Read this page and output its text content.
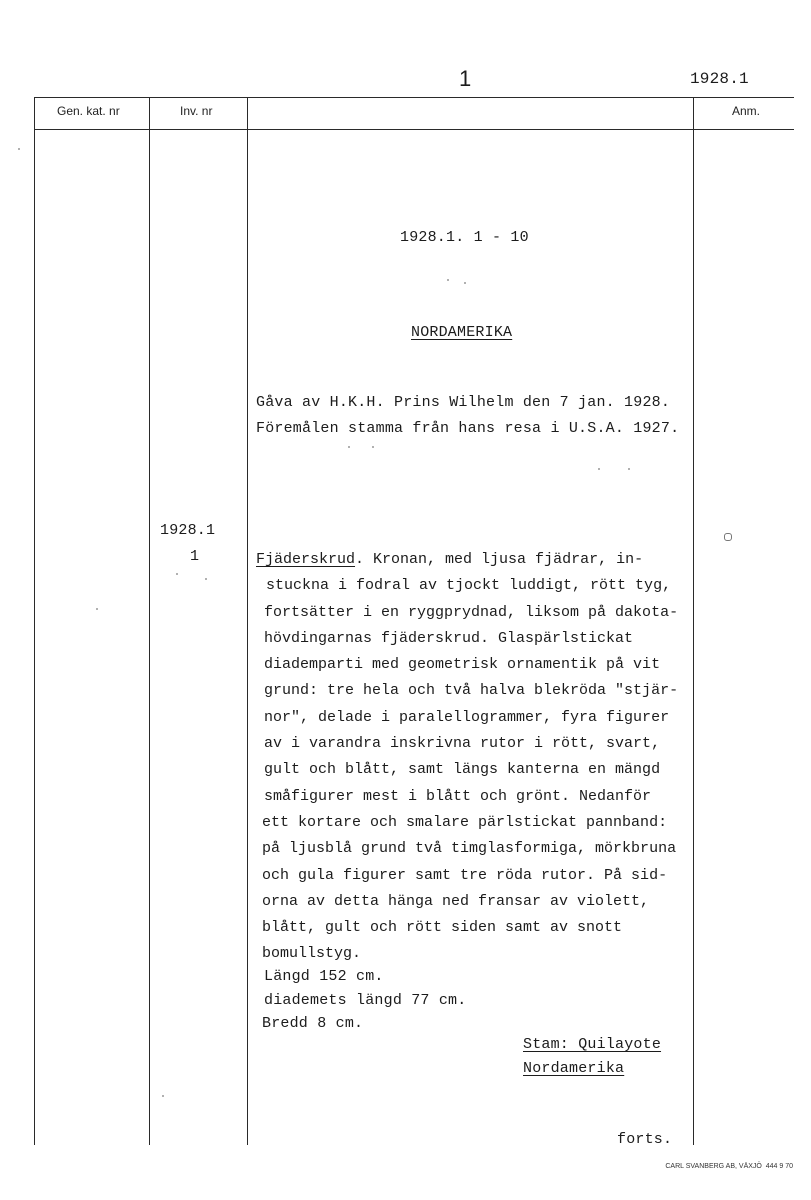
1	1928.1
Gen. kat. nr	Inv. nr	Anm.
1928.1. 1 - 10
NORDAMERIKA
Gåva av H.K.H. Prins Wilhelm den 7 jan. 1928.
Föremålen stamma från hans resa i U.S.A. 1927.
1928.1
1	Fjäderskrud. Kronan, med ljusa fjädrar, in-
stuckna i fodral av tjockt luddigt, rött tyg,
fortsätter i en ryggprydnad, liksom på dakota-
hövdingarnas fjäderskrud. Glaspärlstickat
diademparti med geometrisk ornamentik på vit
grund: tre hela och två halva blekröda "stjär-
nor", delade i paralellogrammer, fyra figurer
av i varandra inskrivna rutor i rött, svart,
gult och blått, samt längs kanterna en mängd
småfigurer mest i blått och grönt. Nedanför
ett kortare och smalare pärlstickat pannband:
på ljusblå grund två timglasformiga, mörkbruna
och gula figurer samt tre röda rutor. På sid-
orna av detta hänga ned fransar av violett,
blått, gult och rött siden samt av snott
bomullstyg.
Längd 152 cm.
diademets längd 77 cm.
Bredd 8 cm.
Stam: Quilayote
Nordamerika
forts.
CARL SVANBERG AB, VÄXJÖ  444 9 70
